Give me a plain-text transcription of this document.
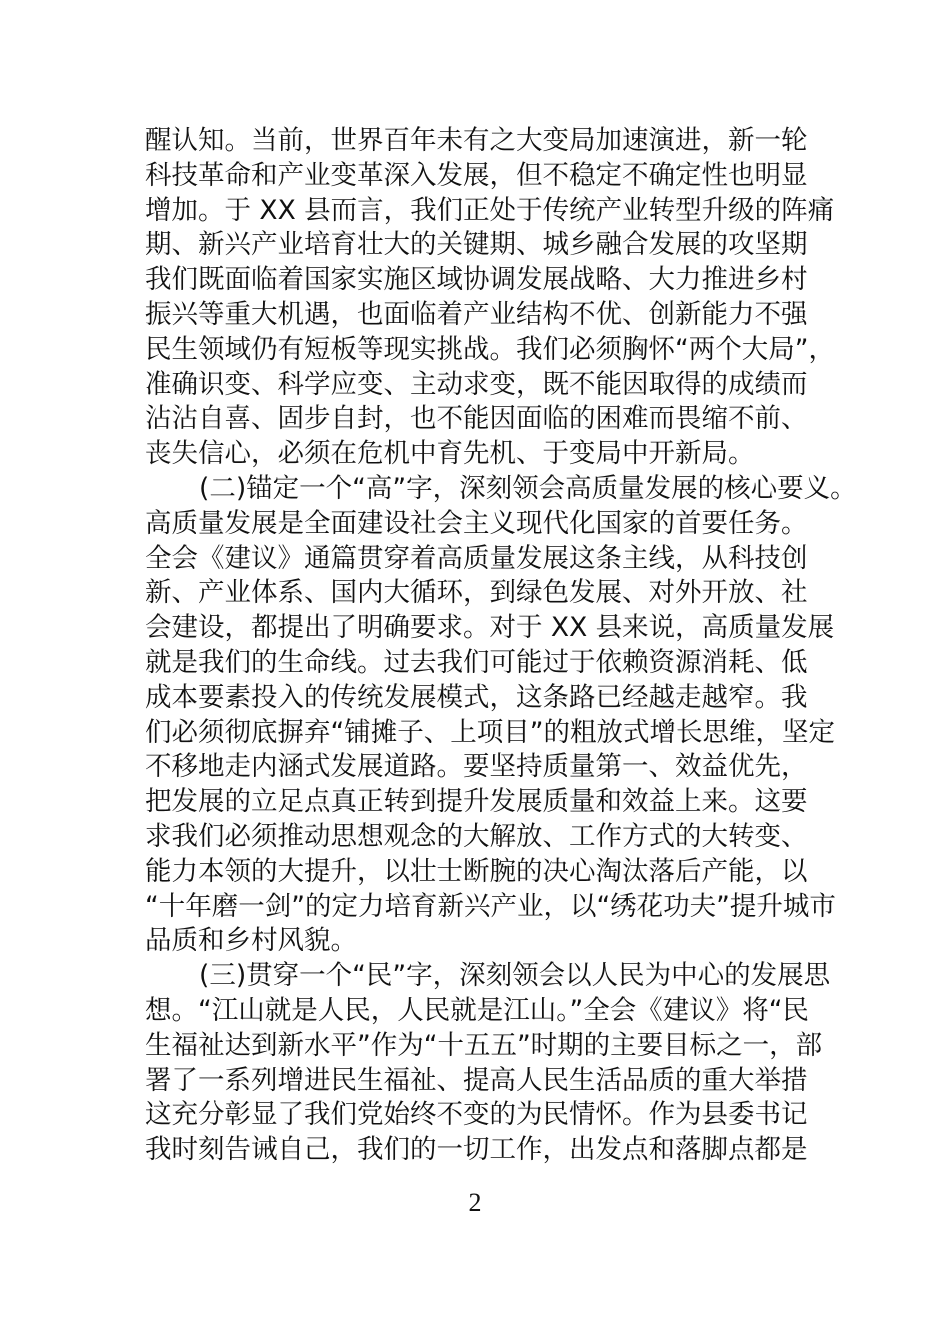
醒认知。当前，世界百年未有之大变局加速演进，新一轮
科技革命和产业变革深入发展，但不稳定不确定性也明显
增加。于 XX 县而言，我们正处于传统产业转型升级的阵痛
期、新兴产业培育壮大的关键期、城乡融合发展的攻坚期
我们既面临着国家实施区域协调发展战略、大力推进乡村
振兴等重大机遇，也面临着产业结构不优、创新能力不强
民生领域仍有短板等现实挑战。我们必须胸怀“两个大局”，
准确识变、科学应变、主动求变，既不能因取得的成绩而
沾沾自喜、固步自封，也不能因面临的困难而畏缩不前、
丧失信心，必须在危机中育先机、于变局中开新局。
(二)锚定一个“高”字，深刻领会高质量发展的核心要义。
高质量发展是全面建设社会主义现代化国家的首要任务。
全会《建议》通篇贯穿着高质量发展这条主线，从科技创
新、产业体系、国内大循环，到绿色发展、对外开放、社
会建设，都提出了明确要求。对于 XX 县来说，高质量发展
就是我们的生命线。过去我们可能过于依赖资源消耗、低
成本要素投入的传统发展模式，这条路已经越走越窄。我
们必须彻底摒弃“铺摊子、上项目”的粗放式增长思维，坚定
不移地走内涵式发展道路。要坚持质量第一、效益优先，
把发展的立足点真正转到提升发展质量和效益上来。这要
求我们必须推动思想观念的大解放、工作方式的大转变、
能力本领的大提升，以壮士断腕的决心淘汰落后产能，以
“十年磨一剑”的定力培育新兴产业，以“绣花功夫”提升城市
品质和乡村风貌。
(三)贯穿一个“民”字，深刻领会以人民为中心的发展思
想。“江山就是人民，人民就是江山。”全会《建议》将“民
生福祉达到新水平”作为“十五五”时期的主要目标之一，部
署了一系列增进民生福祉、提高人民生活品质的重大举措
这充分彰显了我们党始终不变的为民情怀。作为县委书记
我时刻告诫自己，我们的一切工作，出发点和落脚点都是
2
